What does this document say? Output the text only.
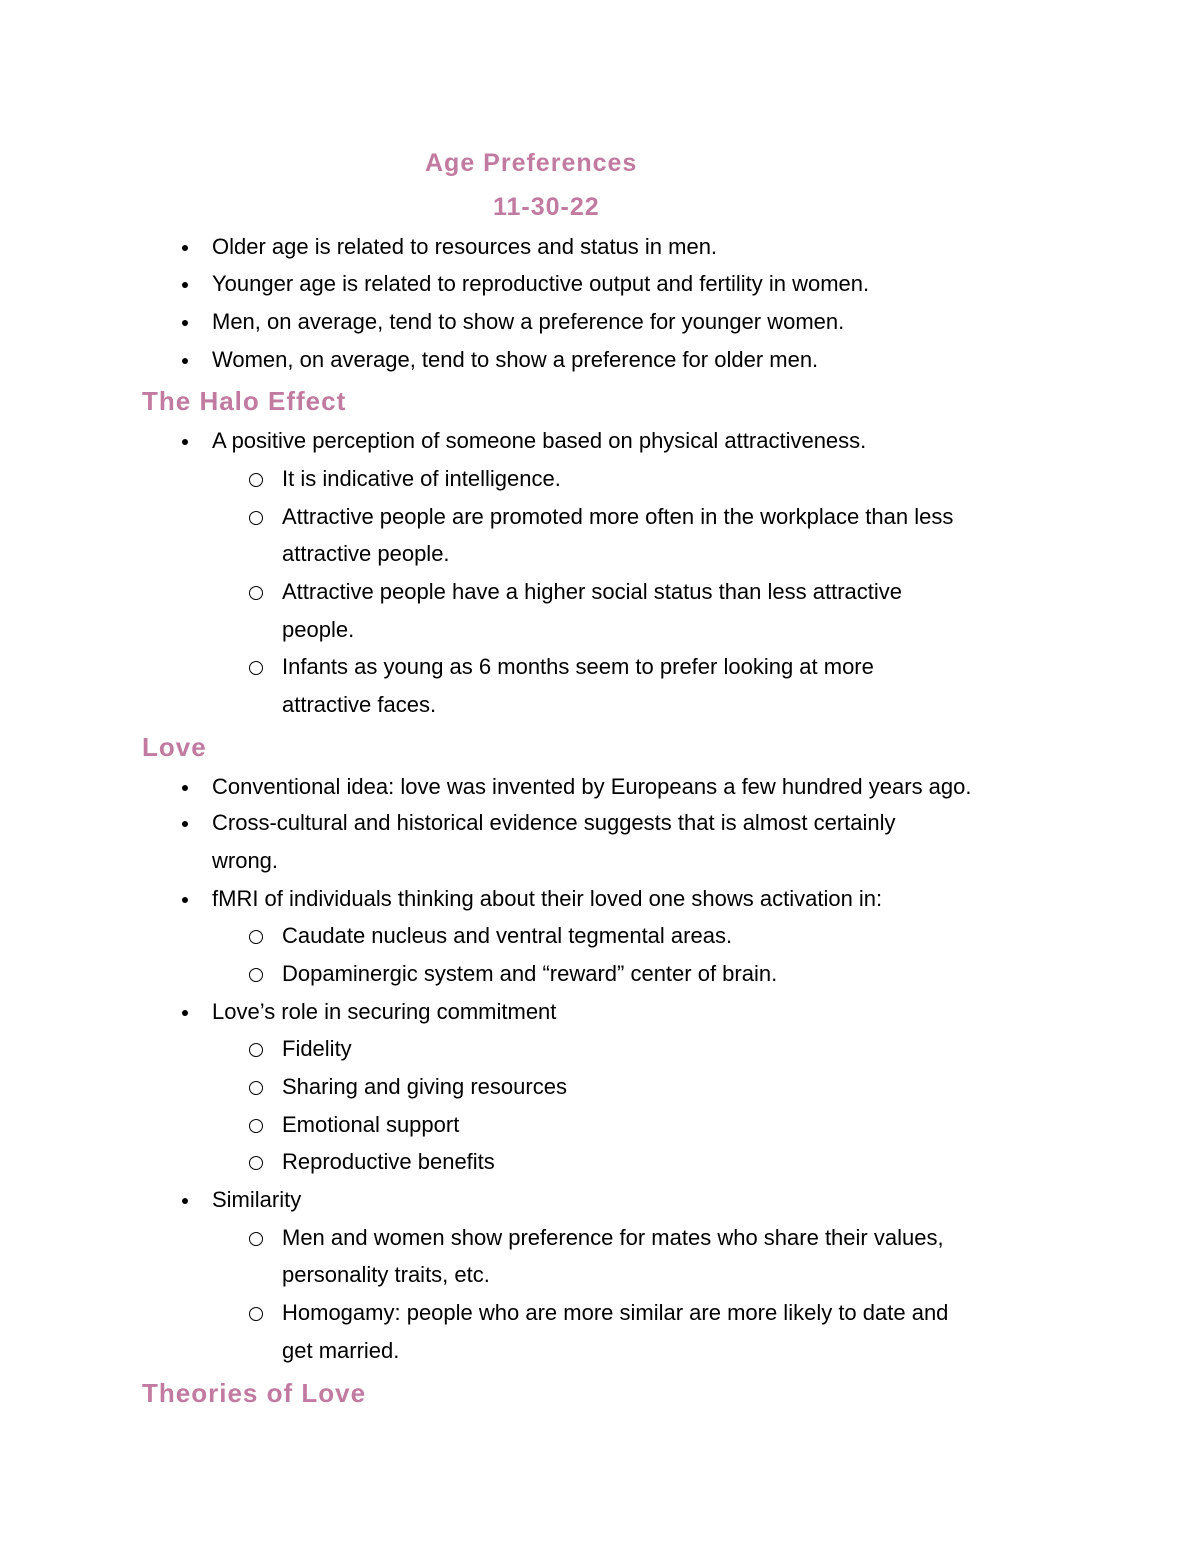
Age Preferences
11-30-22
Older age is related to resources and status in men.
Younger age is related to reproductive output and fertility in women.
Men, on average, tend to show a preference for younger women.
Women, on average, tend to show a preference for older men.
The Halo Effect
A positive perception of someone based on physical attractiveness.
It is indicative of intelligence.
Attractive people are promoted more often in the workplace than less
attractive people.
Attractive people have a higher social status than less attractive
people.
Infants as young as 6 months seem to prefer looking at more
attractive faces.
Love
Conventional idea: love was invented by Europeans a few hundred years ago.
Cross-cultural and historical evidence suggests that is almost certainly
wrong.
fMRI of individuals thinking about their loved one shows activation in:
Caudate nucleus and ventral tegmental areas.
Dopaminergic system and “reward” center of brain.
Love’s role in securing commitment
Fidelity
Sharing and giving resources
Emotional support
Reproductive benefits
Similarity
Men and women show preference for mates who share their values,
personality traits, etc.
Homogamy: people who are more similar are more likely to date and
get married.
Theories of Love
